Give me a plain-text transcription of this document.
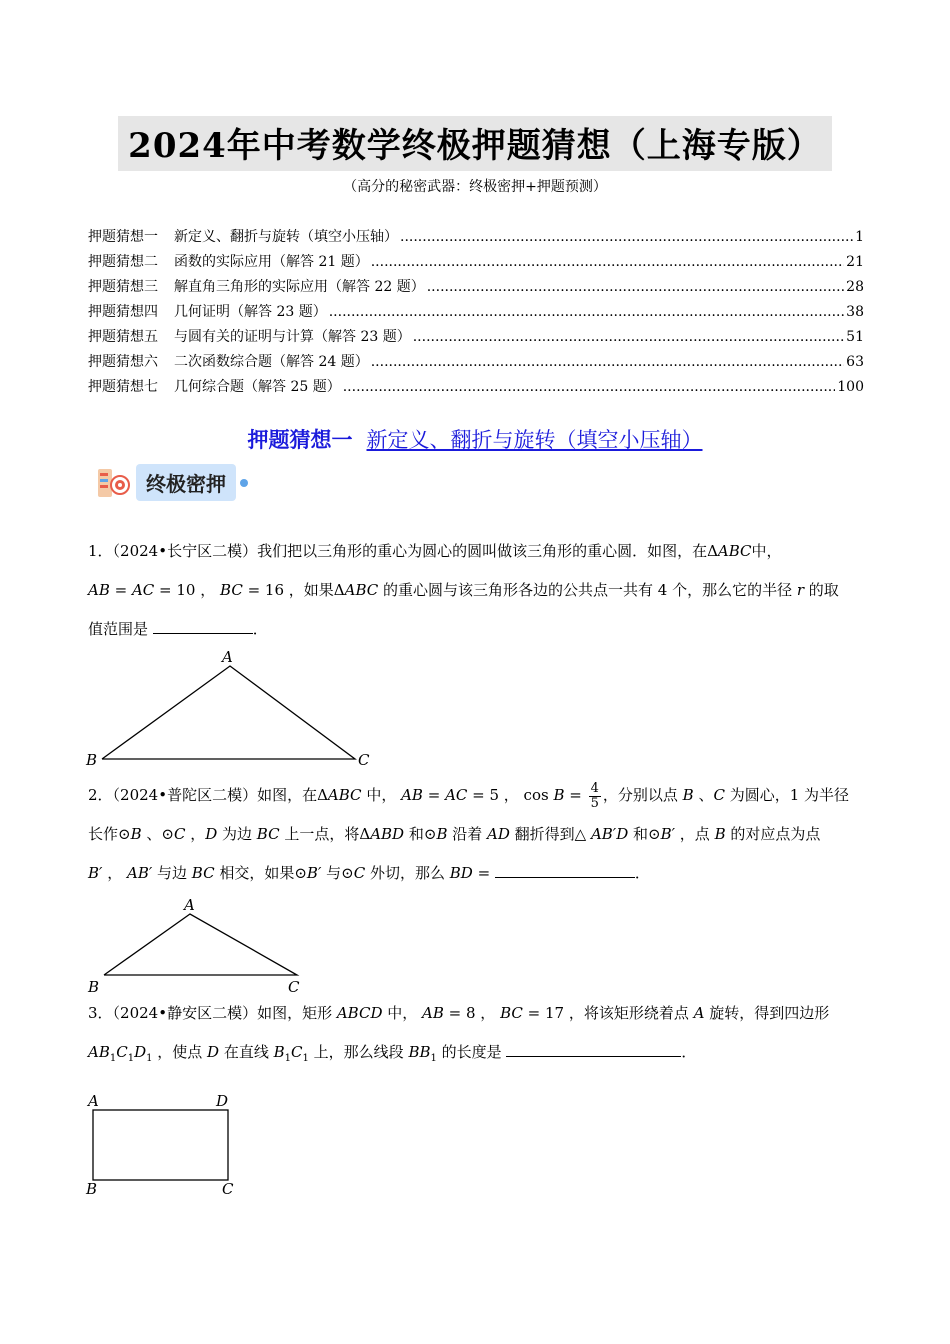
2024年中考数学终极押题猜想（上海专版）
（高分的秘密武器：终极密押+押题预测）
押题猜想一 新定义、翻折与旋转（填空小压轴） .....	1
押题猜想二 函数的实际应用（解答 21 题） .....	21
押题猜想三 解直角三角形的实际应用（解答 22 题） .....	28
押题猜想四 几何证明（解答 23 题） .....	38
押题猜想五 与圆有关的证明与计算（解答 23 题） .....	51
押题猜想六 二次函数综合题（解答 24 题） .....	63
押题猜想七 几何综合题（解答 25 题） .....	100
押题猜想一 新定义、翻折与旋转（填空小压轴）
终极密押
1．（2024•长宁区二模）我们把以三角形的重心为圆心的圆叫做该三角形的重心圆．如图，在ΔABC中，
AB = AC = 10 ， BC = 16 ，如果ΔABC 的重心圆与该三角形各边的公共点一共有 4 个，那么它的半径 r 的取
值范围是	．
A
B	C
2．（2024•普陀区二模）如图，在ΔABC 中， AB = AC = 5 ， $\cos B = \frac{4}{5}$ ，分别以点 B 、C 为圆心，1 为半径
长作⊙B 、⊙C ，D 为边 BC 上一点，将ΔABD 和⊙B 沿着 AD 翻折得到△ AB′D 和⊙B′ ，点 B 的对应点为点
B′ ， AB′ 与边 BC 相交，如果⊙B′ 与⊙C 外切，那么 BD =	．
A
B	C
3．（2024•静安区二模）如图，矩形 ABCD 中， AB = 8 ， BC = 17 ，将该矩形绕着点 A 旋转，得到四边形
$AB_1C_1D_1$ ，使点 D 在直线 $B_1C_1$ 上，那么线段 $BB_1$ 的长度是	．
A	D
B	C
